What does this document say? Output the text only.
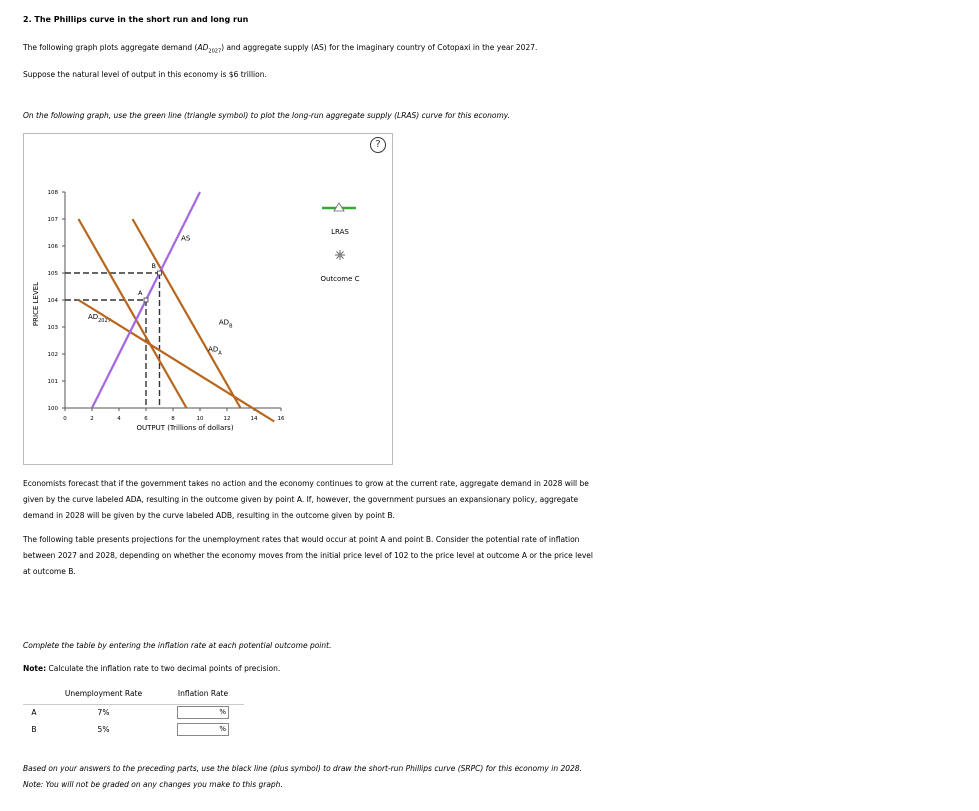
2. The Phillips curve in the short run and long run
The following graph plots aggregate demand $(AD_{2027})$ and aggregate supply (AS) for the imaginary country of Cotopaxi in the year 2027.
Suppose the natural level of output in this economy is $6 trillion.
On the following graph, use the green line (triangle symbol) to plot the long-run aggregate supply (LRAS) curve for this economy.
?
100
101
102
103
104
105
106
107
108
0	2	4	6	8	10	12	14	16
OUTPUT (Trillions of dollars)
PRICE LEVEL	$AD_{2027}$	$AD_B$
$AD_A$
AS
A
B
LRAS
Outcome C
Economists forecast that if the government takes no action and the economy continues to grow at the current rate, aggregate demand in 2028 will be
given by the curve labeled ADA, resulting in the outcome given by point A. If, however, the government pursues an expansionary policy, aggregate
demand in 2028 will be given by the curve labeled ADB, resulting in the outcome given by point B.
The following table presents projections for the unemployment rates that would occur at point A and point B. Consider the potential rate of inflation
between 2027 and 2028, depending on whether the economy moves from the initial price level of 102 to the price level at outcome A or the price level
at outcome B.
Complete the table by entering the inflation rate at each potential outcome point.
Note: Calculate the inflation rate to two decimal points of precision.
	Unemployment Rate	Inflation Rate
A	7%	%

B	5%	%
Based on your answers to the preceding parts, use the black line (plus symbol) to draw the short-run Phillips curve (SRPC) for this economy in 2028.
Note: You will not be graded on any changes you make to this graph.
